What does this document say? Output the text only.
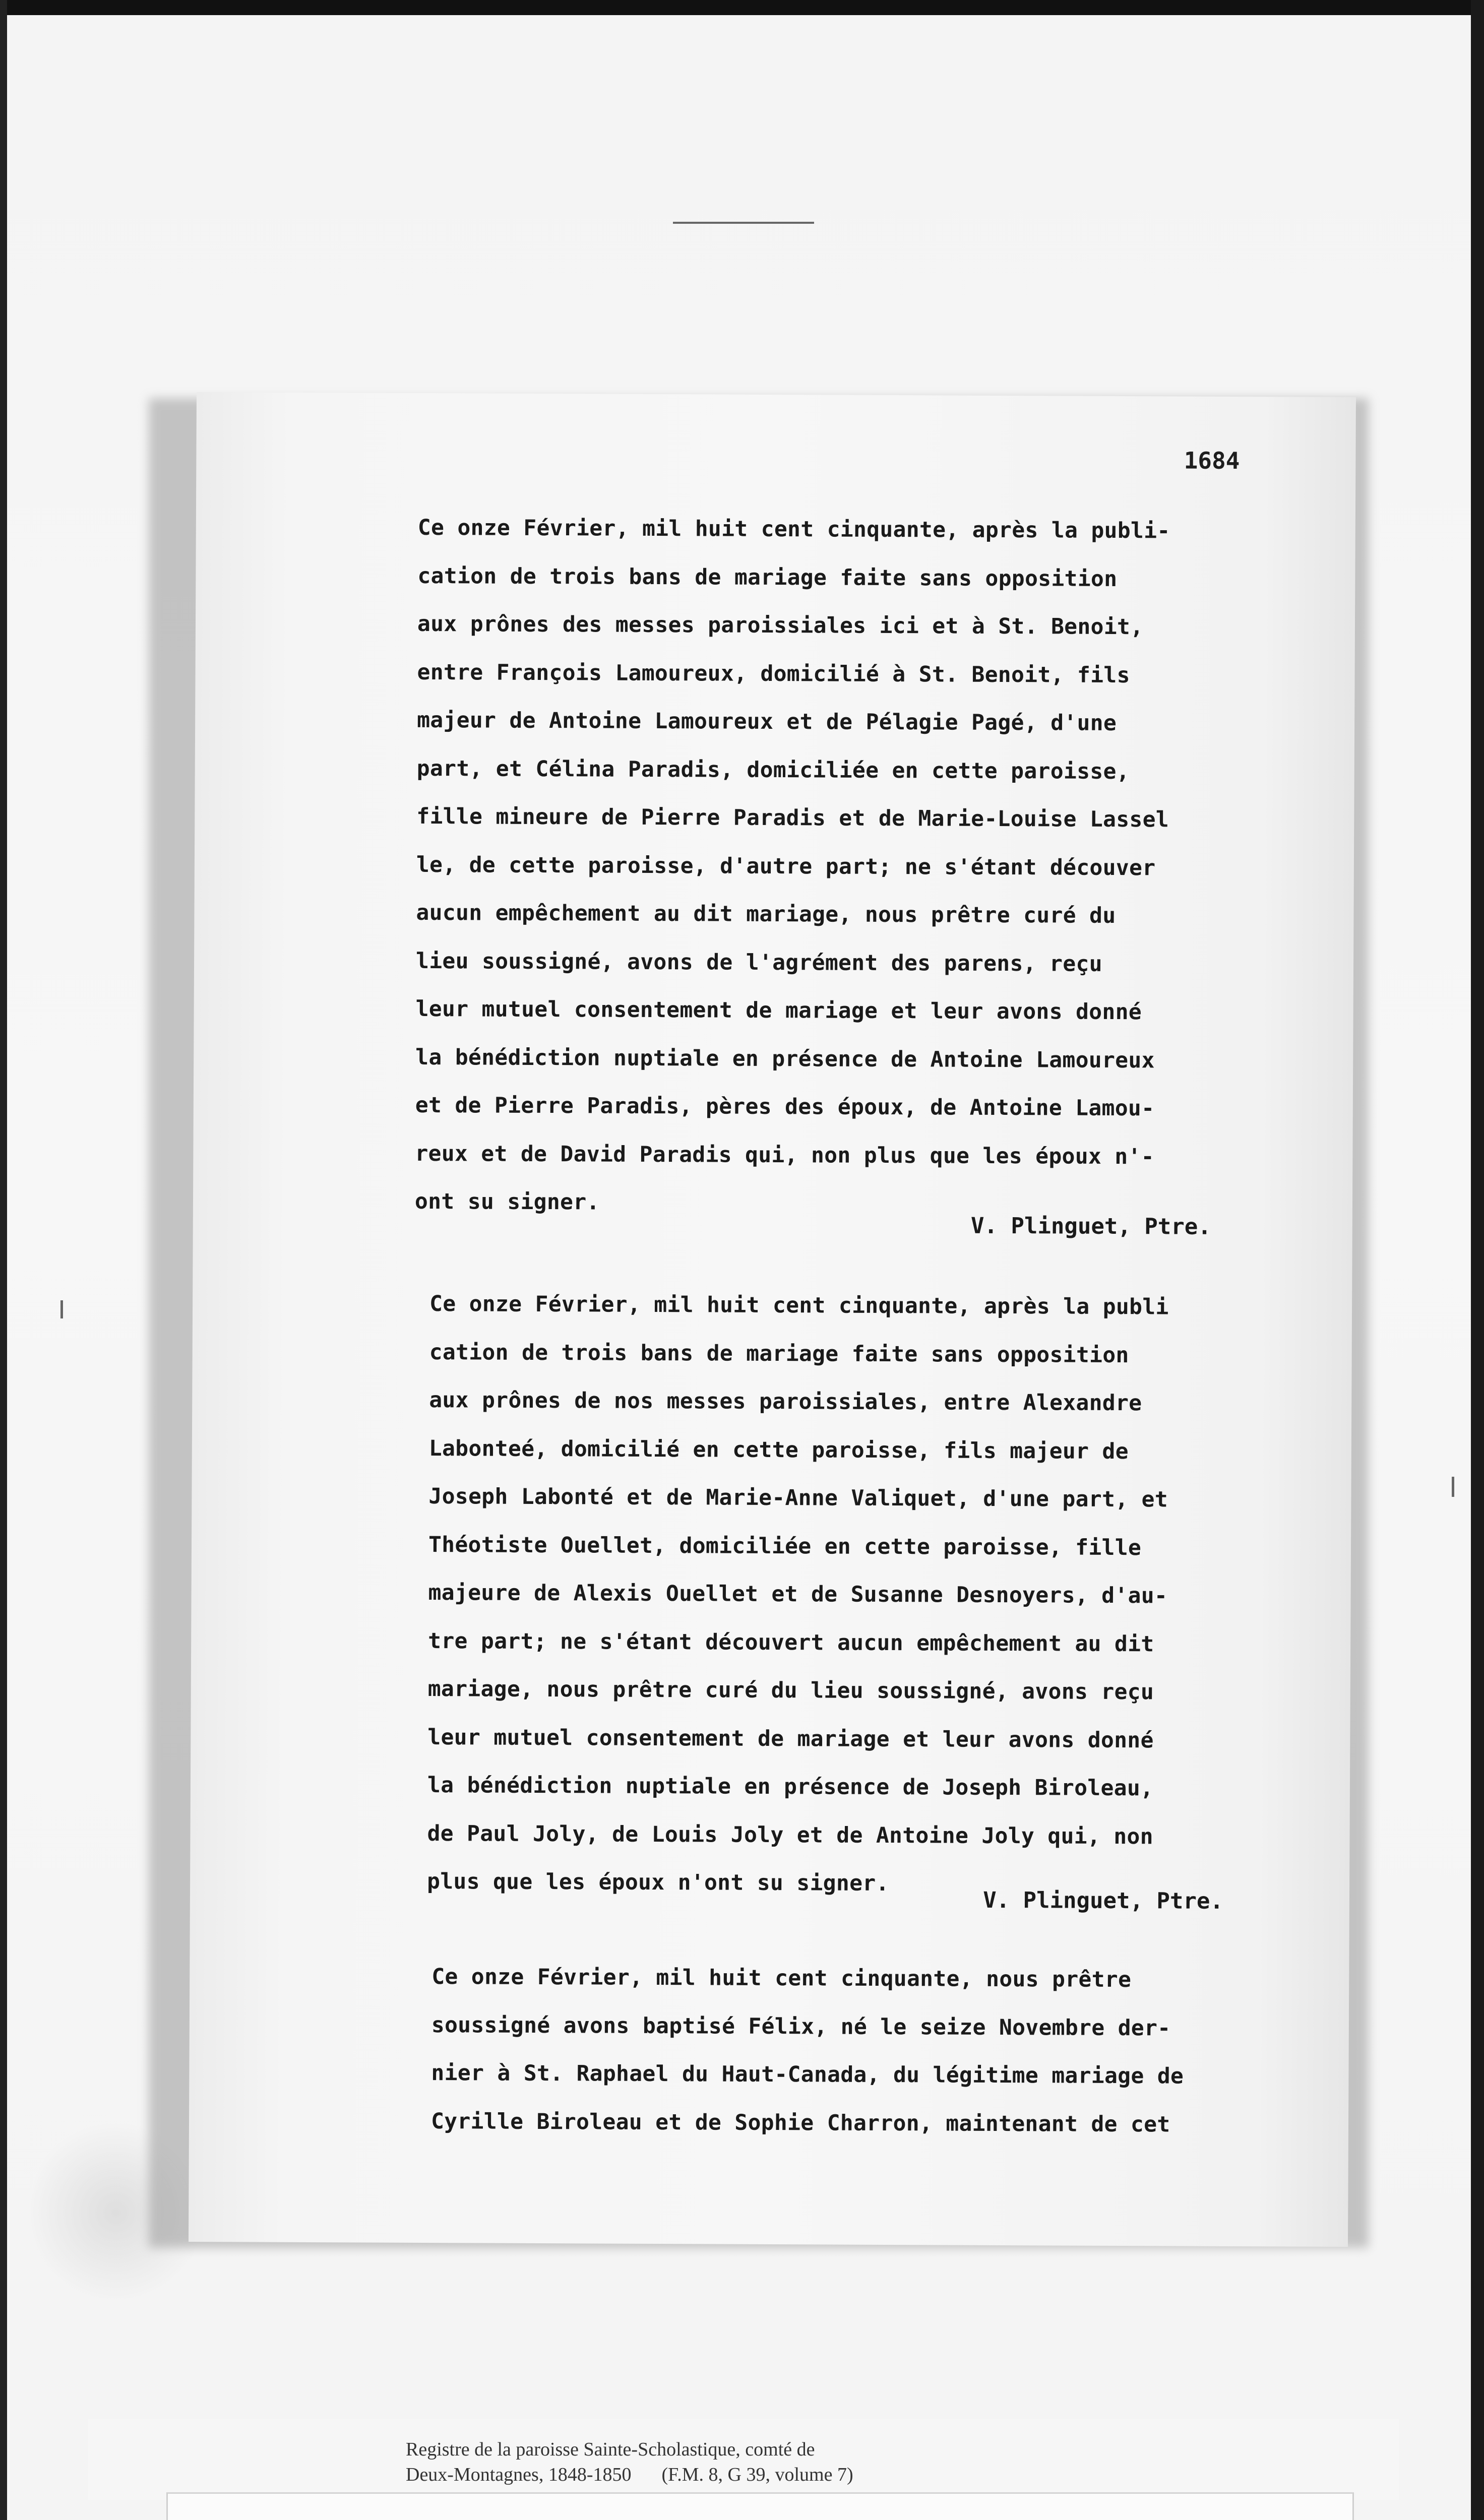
1684
Ce onze Février, mil huit cent cinquante, après la publi-
cation de trois bans de mariage faite sans opposition
aux prônes des messes paroissiales ici et à St. Benoit,
entre François Lamoureux, domicilié à St. Benoit, fils
majeur de Antoine Lamoureux et de Pélagie Pagé, d'une
part, et Célina Paradis, domiciliée en cette paroisse,
fille mineure de Pierre Paradis et de Marie-Louise Lassel
le, de cette paroisse, d'autre part; ne s'étant découver
aucun empêchement au dit mariage, nous prêtre curé du
lieu soussigné, avons de l'agrément des parens, reçu
leur mutuel consentement de mariage et leur avons donné
la bénédiction nuptiale en présence de Antoine Lamoureux
et de Pierre Paradis, pères des époux, de Antoine Lamou-
reux et de David Paradis qui, non plus que les époux n'-
ont su signer.
V. Plinguet, Ptre.
Ce onze Février, mil huit cent cinquante, après la publi
cation de trois bans de mariage faite sans opposition
aux prônes de nos messes paroissiales, entre Alexandre
Labonteé, domicilié en cette paroisse, fils majeur de
Joseph Labonté et de Marie-Anne Valiquet, d'une part, et
Théotiste Ouellet, domiciliée en cette paroisse, fille
majeure de Alexis Ouellet et de Susanne Desnoyers, d'au-
tre part; ne s'étant découvert aucun empêchement au dit
mariage, nous prêtre curé du lieu soussigné, avons reçu
leur mutuel consentement de mariage et leur avons donné
la bénédiction nuptiale en présence de Joseph Biroleau,
de Paul Joly, de Louis Joly et de Antoine Joly qui, non
plus que les époux n'ont su signer.
V. Plinguet, Ptre.
Ce onze Février, mil huit cent cinquante, nous prêtre
soussigné avons baptisé Félix, né le seize Novembre der-
nier à St. Raphael du Haut-Canada, du légitime mariage de
Cyrille Biroleau et de Sophie Charron, maintenant de cet
Registre de la paroisse Sainte-Scholastique, comté de
Deux-Montagnes, 1848-1850 (F.M. 8, G 39, volume 7)
